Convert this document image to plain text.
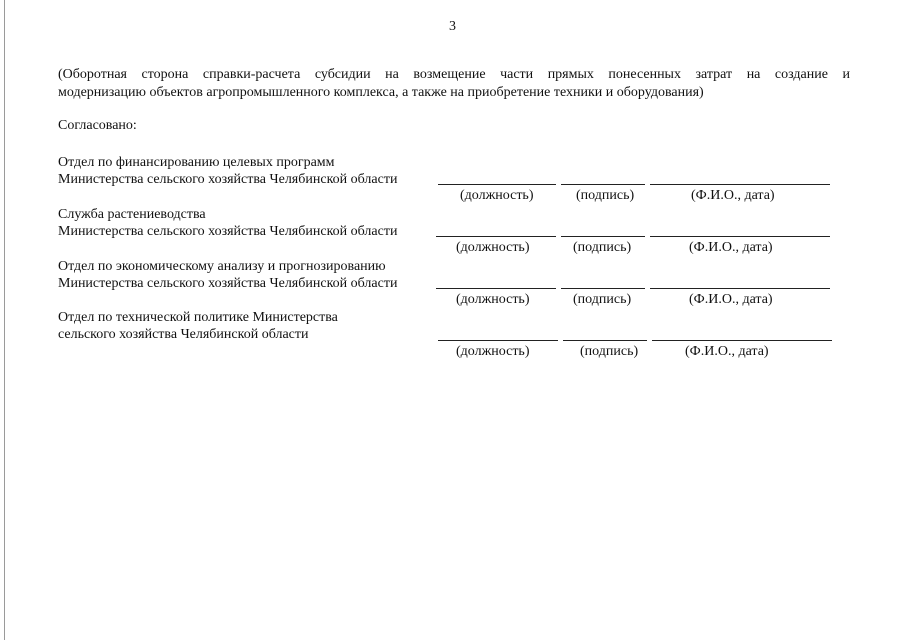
3
(Оборотная сторона справки-расчета субсидии на возмещение части прямых понесенных затрат на создание и
модернизацию объектов агропромышленного комплекса, а также на приобретение техники и оборудования)
Согласовано:
Отдел по финансированию целевых программ
Министерства сельского хозяйства Челябинской области
(должность)	(подпись)	(Ф.И.О., дата)
Служба растениеводства
Министерства сельского хозяйства Челябинской области
(должность)	(подпись)	(Ф.И.О., дата)
Отдел по экономическому анализу и прогнозированию
Министерства сельского хозяйства Челябинской области
(должность)	(подпись)	(Ф.И.О., дата)
Отдел по технической политике Министерства
сельского хозяйства Челябинской области
(должность)	(подпись)	(Ф.И.О., дата)
